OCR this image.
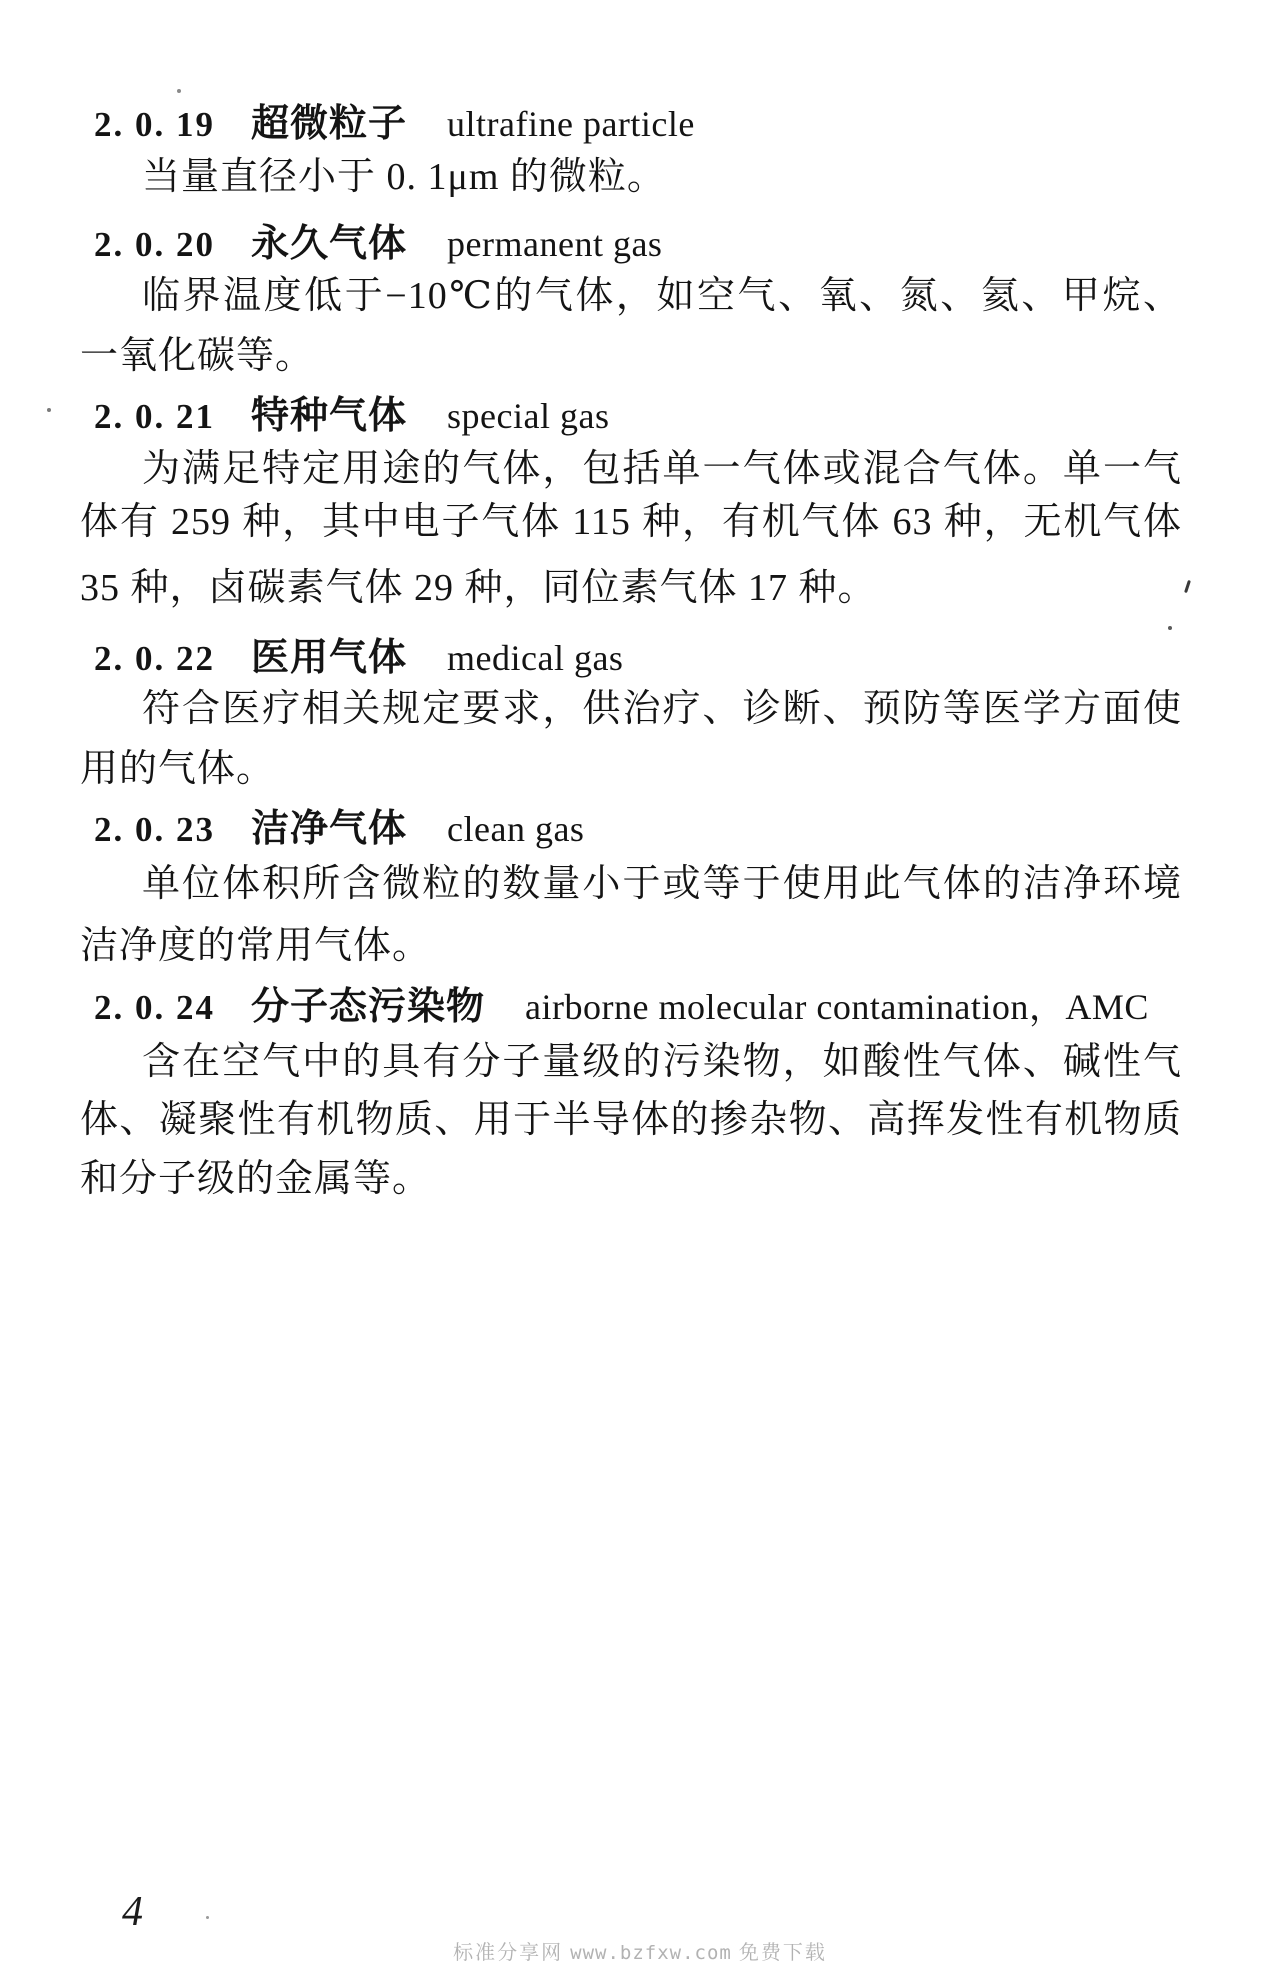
2. 0. 19 超微粒子 ultrafine particle
当量直径小于 0. 1μm 的微粒。
2. 0. 20 永久气体 permanent gas
临界温度低于−10℃的气体，如空气、氧、氮、氦、甲烷、
一氧化碳等。
2. 0. 21 特种气体 special gas
为满足特定用途的气体，包括单一气体或混合气体。单一气
体有 259 种，其中电子气体 115 种，有机气体 63 种，无机气体
35 种，卤碳素气体 29 种，同位素气体 17 种。
2. 0. 22 医用气体 medical gas
符合医疗相关规定要求，供治疗、诊断、预防等医学方面使
用的气体。
2. 0. 23 洁净气体 clean gas
单位体积所含微粒的数量小于或等于使用此气体的洁净环境
洁净度的常用气体。
2. 0. 24 分子态污染物 airborne molecular contamination，AMC
含在空气中的具有分子量级的污染物，如酸性气体、碱性气
体、凝聚性有机物质、用于半导体的掺杂物、高挥发性有机物质
和分子级的金属等。
4
标准分享网 www.bzfxw.com 免费下载
